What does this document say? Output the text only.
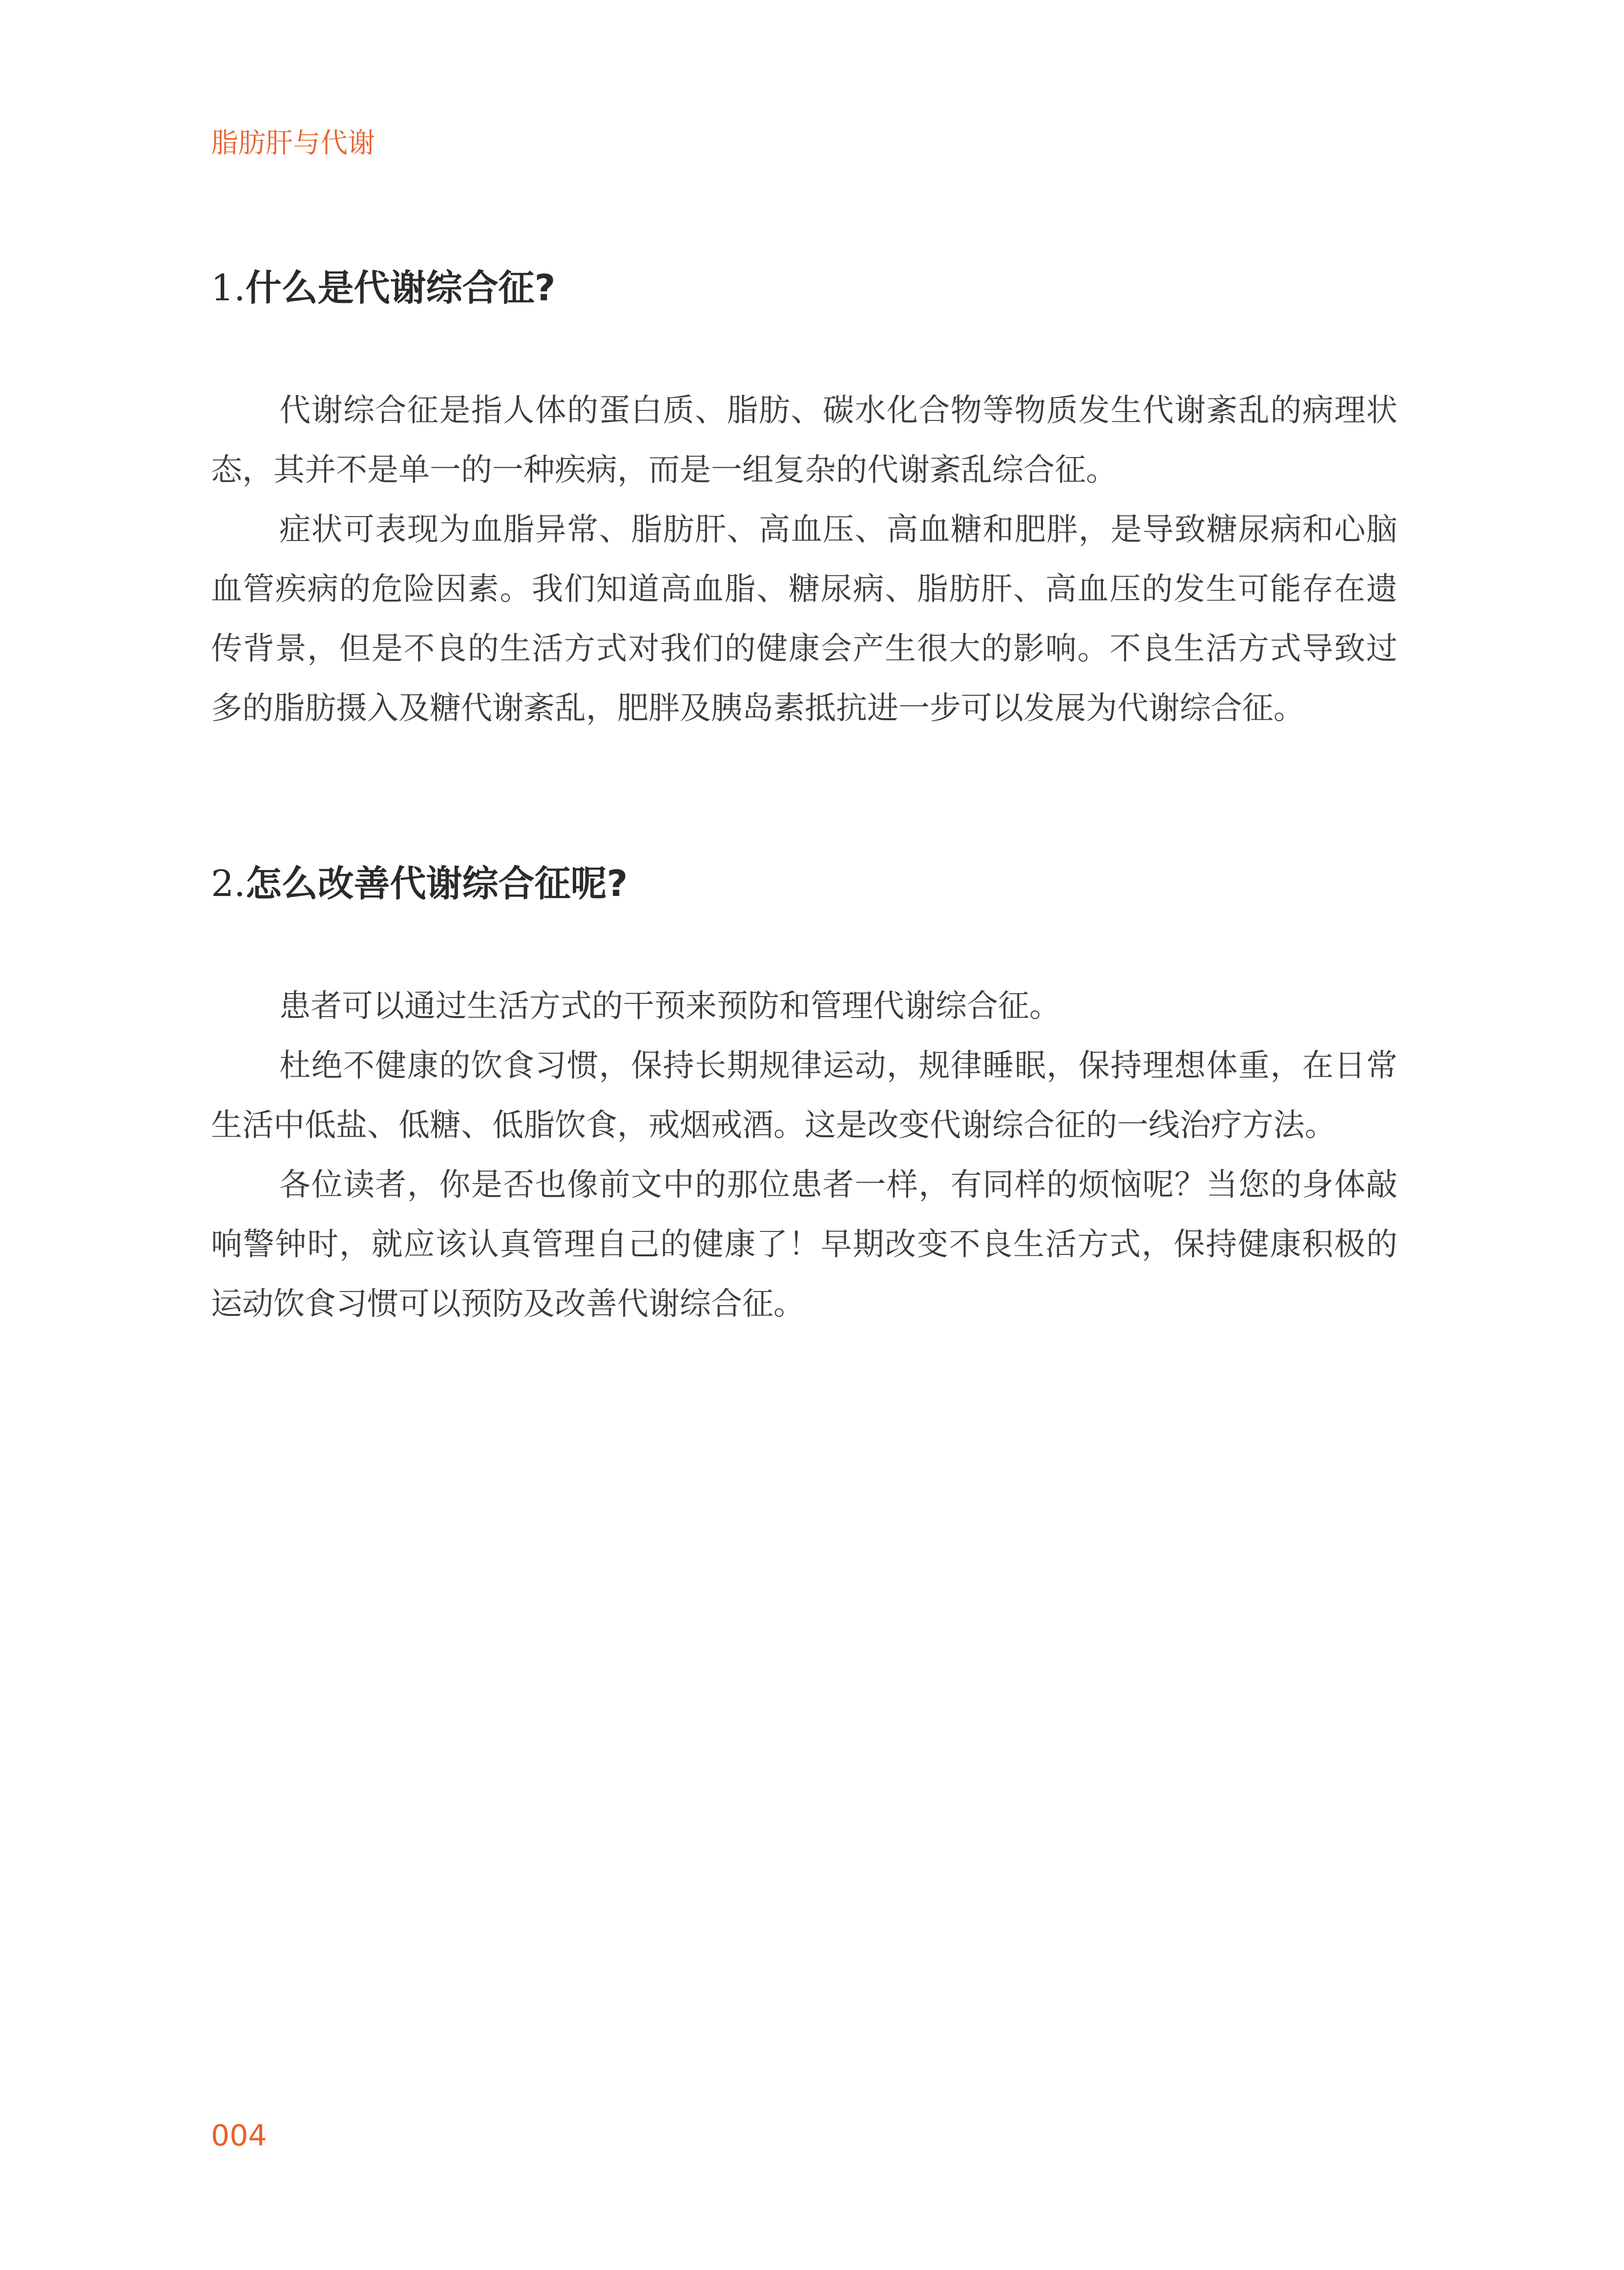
脂肪肝与代谢
1.什么是代谢综合征?

代谢综合征是指人体的蛋白质、脂肪、碳水化合物等物质发生代谢紊乱的病理状态，其并不是单一的一种疾病，而是一组复杂的代谢紊乱综合征。

症状可表现为血脂异常、脂肪肝、高血压、高血糖和肥胖，是导致糖尿病和心脑血管疾病的危险因素。我们知道高血脂、糖尿病、脂肪肝、高血压的发生可能存在遗传背景，但是不良的生活方式对我们的健康会产生很大的影响。不良生活方式导致过多的脂肪摄入及糖代谢紊乱，肥胖及胰岛素抵抗进一步可以发展为代谢综合征。

2.怎么改善代谢综合征呢?

患者可以通过生活方式的干预来预防和管理代谢综合征。

杜绝不健康的饮食习惯，保持长期规律运动，规律睡眠，保持理想体重，在日常生活中低盐、低糖、低脂饮食，戒烟戒酒。这是改变代谢综合征的一线治疗方法。

各位读者，你是否也像前文中的那位患者一样，有同样的烦恼呢？当您的身体敲响警钟时，就应该认真管理自己的健康了！早期改变不良生活方式，保持健康积极的运动饮食习惯可以预防及改善代谢综合征。

004
